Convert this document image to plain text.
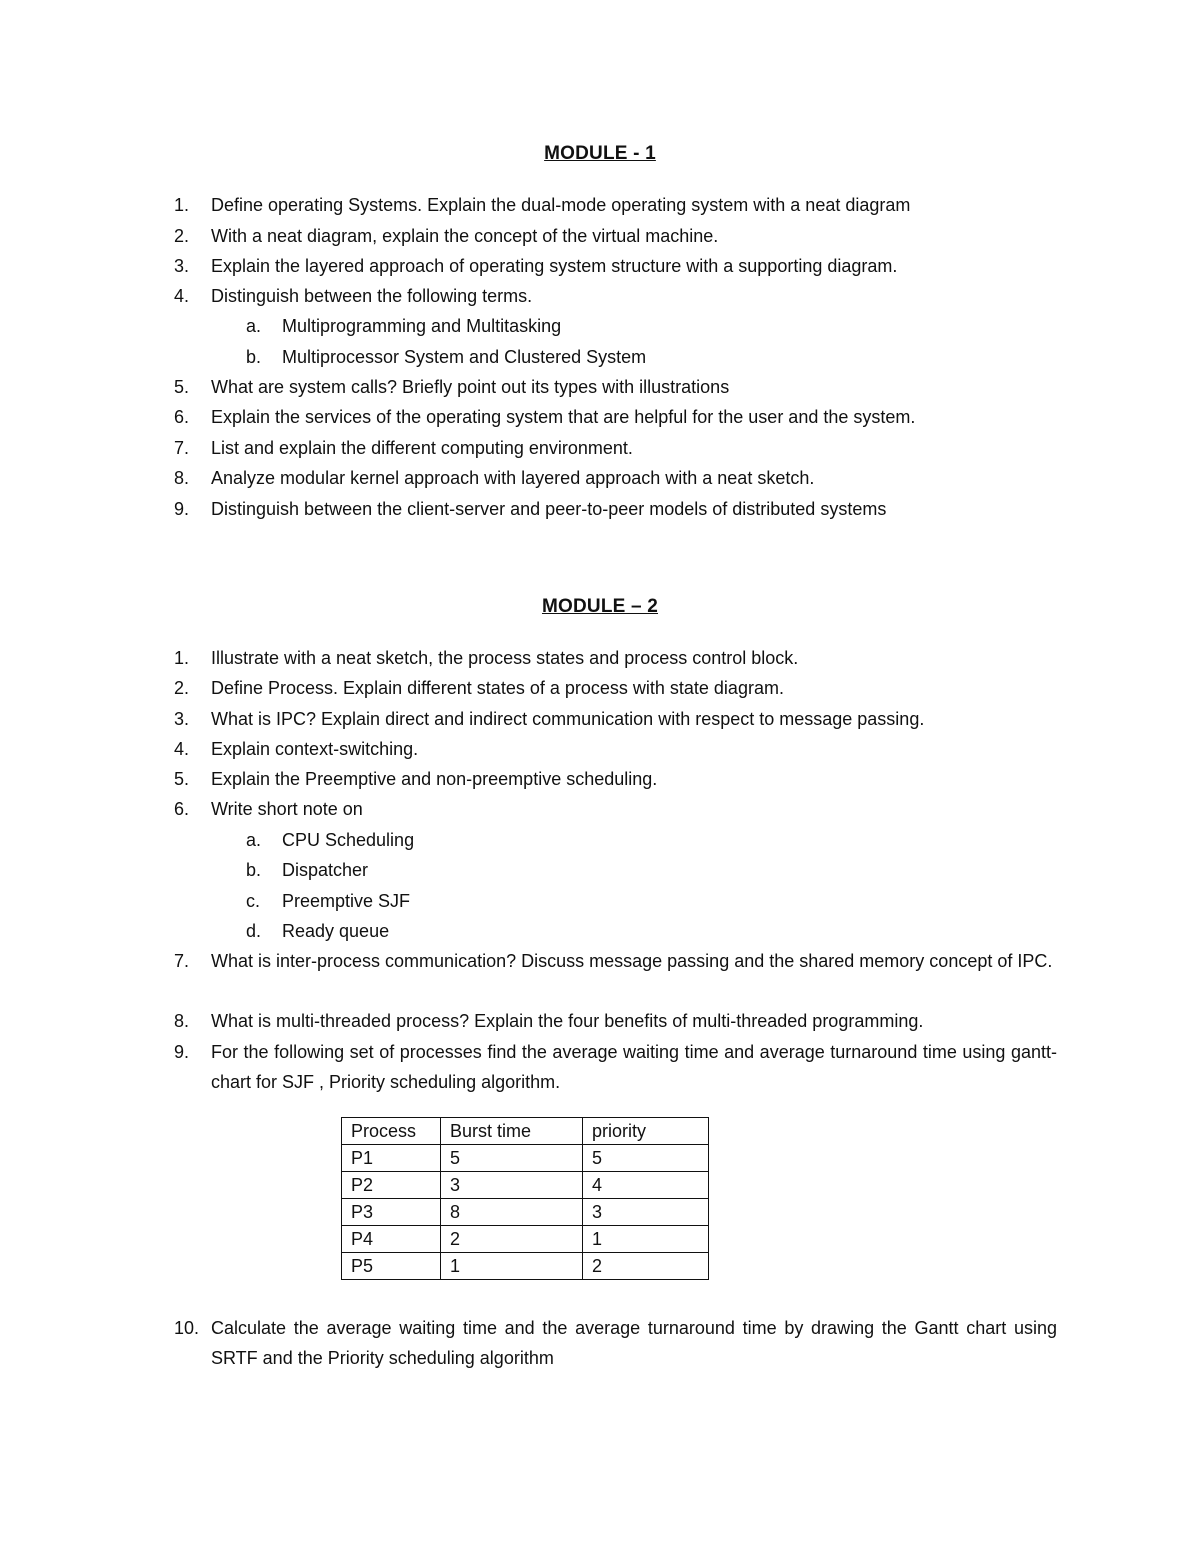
MODULE - 1
1.	Define operating Systems. Explain the dual-mode operating system with a neat diagram
2.	With a neat diagram, explain the concept of the virtual machine.
3.	Explain the layered approach of operating system structure with a supporting diagram.
4.	Distinguish between the following terms.
a.	Multiprogramming and Multitasking
b.	Multiprocessor System and Clustered System
5.	What are system calls? Briefly point out its types with illustrations
6.	Explain the services of the operating system that are helpful for the user and the system.
7.	List and explain the different computing environment.
8.	Analyze modular kernel approach with layered approach with a neat sketch.
9.	Distinguish between the client-server and peer-to-peer models of distributed systems
MODULE – 2
1.	Illustrate with a neat sketch, the process states and process control block.
2.	Define Process. Explain different states of a process with state diagram.
3.	What is IPC? Explain direct and indirect communication with respect to message passing.
4.	Explain context-switching.
5.	Explain the Preemptive and non-preemptive scheduling.
6.	Write short note on
a.	CPU Scheduling
b.	Dispatcher
c.	Preemptive SJF
d.	Ready queue
7.	What is inter-process communication? Discuss message passing and the shared memory concept of IPC.
8.	What is multi-threaded process? Explain the four benefits of multi-threaded programming.
9.	For the following set of processes find the average waiting time and average turnaround time using gantt-chart for SJF , Priority scheduling algorithm.
Process	Burst time	priority
P1	5	5
P2	3	4
P3	8	3
P4	2	1
P5	1	2
10. Calculate the average waiting time and the average turnaround time by drawing the Gantt chart using SRTF and the Priority scheduling algorithm
